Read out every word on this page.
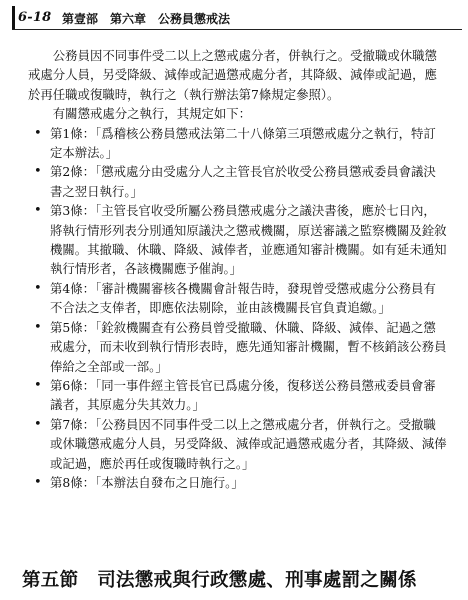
6-18 第壹部　第六章　公務員懲戒法

公務員因不同事件受二以上之懲戒處分者，併執行之。受撤職或休職懲戒處分人員，另受降級、減俸或記過懲戒處分者，其降級、減俸或記過，應於再任職或復職時，執行之（執行辦法第7條規定參照）。

有關懲戒處分之執行，其規定如下：

• 第1條：「爲稽核公務員懲戒法第二十八條第三項懲戒處分之執行，特訂定本辦法。」
• 第2條：「懲戒處分由受處分人之主管長官於收受公務員懲戒委員會議決書之翌日執行。」
• 第3條：「主管長官收受所屬公務員懲戒處分之議決書後，應於七日內，將執行情形列表分別通知原議決之懲戒機關，原送審議之監察機關及銓敘機關。其撤職、休職、降級、減俸者，並應通知審計機關。如有延未通知執行情形者，各該機關應予催詢。」
• 第4條：「審計機關審核各機關會計報告時，發現曾受懲戒處分公務員有不合法之支俸者，即應依法剔除，並由該機關長官負責追繳。」
• 第5條：「銓敘機關查有公務員曾受撤職、休職、降級、減俸、記過之懲戒處分，而未收到執行情形表時，應先通知審計機關，暫不核銷該公務員俸給之全部或一部。」
• 第6條：「同一事件經主管長官已爲處分後，復移送公務員懲戒委員會審議者，其原處分失其效力。」
• 第7條：「公務員因不同事件受二以上之懲戒處分者，併執行之。受撤職或休職懲戒處分人員，另受降級、減俸或記過懲戒處分者，其降級、減俸或記過，應於再任或復職時執行之。」
• 第8條：「本辦法自發布之日施行。」
第五節　司法懲戒與行政懲處、刑事處罰之關係
